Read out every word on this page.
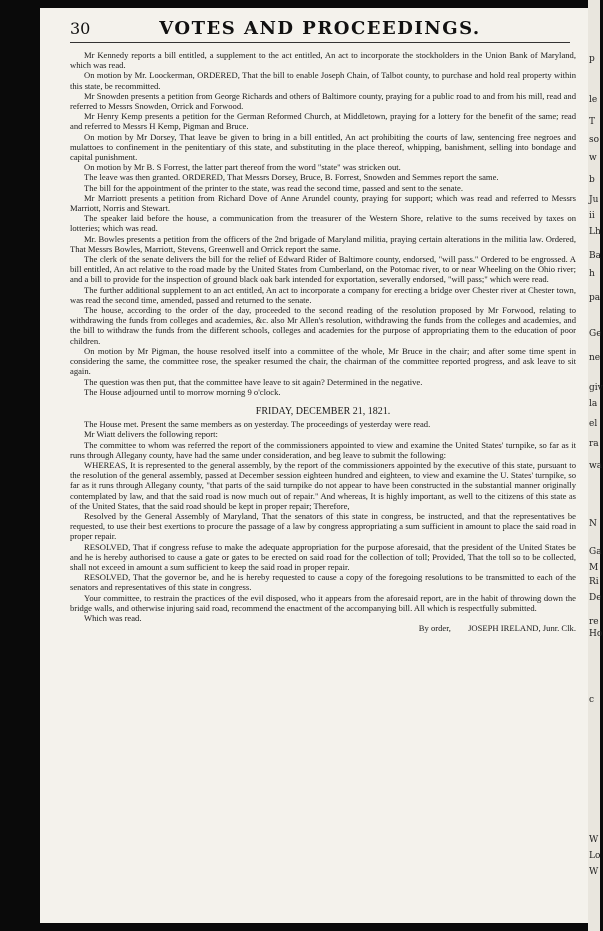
30	VOTES AND PROCEEDINGS.

Mr Kennedy reports a bill entitled, a supplement to the act entitled, An act to incorporate the stockholders in the Union Bank of Maryland, which was read.

On motion by Mr. Loockerman, ORDERED, That the bill to enable Joseph Chain, of Talbot county, to purchase and hold real property within this state, be recommitted.

Mr Snowden presents a petition from George Richards and others of Baltimore county, praying for a public road to and from his mill, read and referred to Messrs Snowden, Orrick and Forwood.

Mr Henry Kemp presents a petition for the German Reformed Church, at Middletown, praying for a lottery for the benefit of the same; read and referred to Messrs H Kemp, Pigman and Bruce.

On motion by Mr Dorsey, That leave be given to bring in a bill entitled, An act prohibiting the courts of law, sentencing free negroes and mulattoes to confinement in the penitentiary of this state, and substituting in the place thereof, whipping, banishment, selling into bondage and capital punishment.

On motion by Mr B. S Forrest, the latter part thereof from the word "state" was stricken out.

The leave was then granted. ORDERED, That Messrs Dorsey, Bruce, B. Forrest, Snowden and Semmes report the same.

The bill for the appointment of the printer to the state, was read the second time, passed and sent to the senate.

Mr Marriott presents a petition from Richard Dove of Anne Arundel county, praying for support; which was read and referred to Messrs Marriott, Norris and Stewart.

The speaker laid before the house, a communication from the treasurer of the Western Shore, relative to the sums received by taxes on lotteries; which was read.

Mr. Bowles presents a petition from the officers of the 2nd brigade of Maryland militia, praying certain alterations in the militia law. Ordered, That Messrs Bowles, Marriott, Stevens, Greenwell and Orrick report the same.

The clerk of the senate delivers the bill for the relief of Edward Rider of Baltimore county, endorsed, "will pass." Ordered to be engrossed. A bill entitled, An act relative to the road made by the United States from Cumberland, on the Potomac river, to or near Wheeling on the Ohio river; and a bill to provide for the inspection of ground black oak bark intended for exportation, severally endorsed, "will pass;" which were read.

The further additional supplement to an act entitled, An act to incorporate a company for erecting a bridge over Chester river at Chester town, was read the second time, amended, passed and returned to the senate.

The house, according to the order of the day, proceeded to the second reading of the resolution proposed by Mr Forwood, relating to withdrawing the funds from colleges and academies, &c. also Mr Allen's resolution, withdrawing the funds from the colleges and academies, and the bill to withdraw the funds from the different schools, colleges and academies for the purpose of appropriating them to the education of poor children.

On motion by Mr Pigman, the house resolved itself into a committee of the whole, Mr Bruce in the chair; and after some time spent in considering the same, the committee rose, the speaker resumed the chair, the chairman of the committee reported progress, and ask leave to sit again.

The question was then put, that the committee have leave to sit again? Determined in the negative.

The House adjourned until to morrow morning 9 o'clock.

FRIDAY, DECEMBER 21, 1821.

The House met. Present the same members as on yesterday. The proceedings of yesterday were read.

Mr Wiatt delivers the following report:

The committee to whom was referred the report of the commissioners appointed to view and examine the United States' turnpike, so far as it runs through Allegany county, have had the same under consideration, and beg leave to submit the following:

WHEREAS, It is represented to the general assembly, by the report of the commissioners appointed by the executive of this state, pursuant to the resolution of the general assembly, passed at December session eighteen hundred and eighteen, to view and examine the U. States' turnpike, so far as it runs through Allegany county, "that parts of the said turnpike do not appear to have been constructed in the substantial manner originally contemplated by law, and that the said road is now much out of repair." And whereas, It is highly important, as well to the citizens of this state as of the United States, that the said road should be kept in proper repair; Therefore,

Resolved by the General Assembly of Maryland, That the senators of this state in congress, be instructed, and that the representatives be requested, to use their best exertions to procure the passage of a law by congress appropriating a sum sufficient in amount to place the said road in proper repair.

RESOLVED, That if congress refuse to make the adequate appropriation for the purpose aforesaid, that the president of the United States be and he is hereby authorised to cause a gate or gates to be erected on said road for the collection of toll; Provided, That the toll so to be collected, shall not exceed in amount a sum sufficient to keep the said road in proper repair.

RESOLVED, That the governor be, and he is hereby requested to cause a copy of the foregoing resolutions to be transmitted to each of the senators and representatives of this state in congress.

Your committee, to restrain the practices of the evil disposed, who it appears from the aforesaid report, are in the habit of throwing down the bridge walls, and otherwise injuring said road, recommend the enactment of the accompanying bill. All which is respectfully submitted.

Which was read.

By order, JOSEPH IRELAND, Junr. Clk.

p
le
T
so
w
b
Ju
ii
Lh
Ba
h
pa
Ge
ne
giv
la
el
ra
wa
N
Ga
M
Ri
De
re
Ho
c
W
Lo
W
